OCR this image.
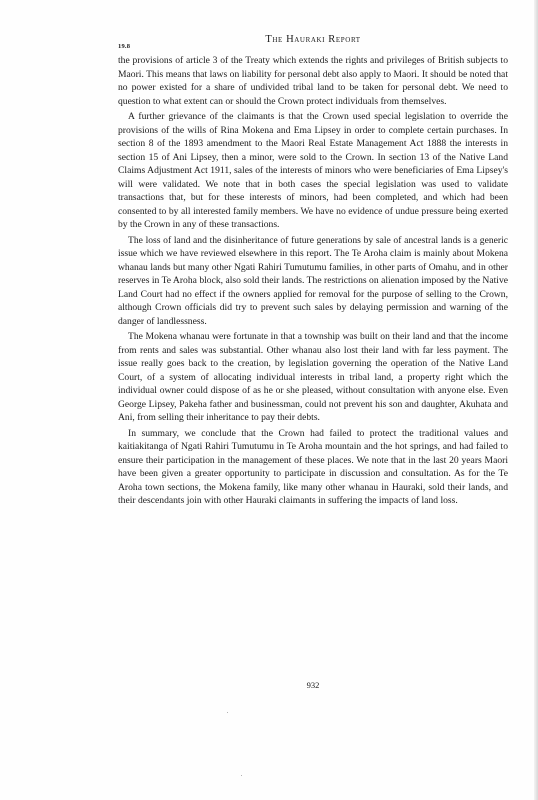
19.8
The Hauraki Report

the provisions of article 3 of the Treaty which extends the rights and privileges of British subjects to Maori. This means that laws on liability for personal debt also apply to Maori. It should be noted that no power existed for a share of undivided tribal land to be taken for personal debt. We need to question to what extent can or should the Crown protect individuals from themselves.

A further grievance of the claimants is that the Crown used special legislation to override the provisions of the wills of Rina Mokena and Ema Lipsey in order to complete certain purchases. In section 8 of the 1893 amendment to the Maori Real Estate Management Act 1888 the interests in section 15 of Ani Lipsey, then a minor, were sold to the Crown. In section 13 of the Native Land Claims Adjustment Act 1911, sales of the interests of minors who were beneficiaries of Ema Lipsey's will were validated. We note that in both cases the special legislation was used to validate transactions that, but for these interests of minors, had been completed, and which had been consented to by all interested family members. We have no evidence of undue pressure being exerted by the Crown in any of these transactions.

The loss of land and the disinheritance of future generations by sale of ancestral lands is a generic issue which we have reviewed elsewhere in this report. The Te Aroha claim is mainly about Mokena whanau lands but many other Ngati Rahiri Tumutumu families, in other parts of Omahu, and in other reserves in Te Aroha block, also sold their lands. The restrictions on alienation imposed by the Native Land Court had no effect if the owners applied for removal for the purpose of selling to the Crown, although Crown officials did try to prevent such sales by delaying permission and warning of the danger of landlessness.

The Mokena whanau were fortunate in that a township was built on their land and that the income from rents and sales was substantial. Other whanau also lost their land with far less payment. The issue really goes back to the creation, by legislation governing the operation of the Native Land Court, of a system of allocating individual interests in tribal land, a property right which the individual owner could dispose of as he or she pleased, without consultation with anyone else. Even George Lipsey, Pakeha father and businessman, could not prevent his son and daughter, Akuhata and Ani, from selling their inheritance to pay their debts.

In summary, we conclude that the Crown had failed to protect the traditional values and kaitiakitanga of Ngati Rahiri Tumutumu in Te Aroha mountain and the hot springs, and had failed to ensure their participation in the management of these places. We note that in the last 20 years Maori have been given a greater opportunity to participate in discussion and consultation. As for the Te Aroha town sections, the Mokena family, like many other whanau in Hauraki, sold their lands, and their descendants join with other Hauraki claimants in suffering the impacts of land loss.

932
